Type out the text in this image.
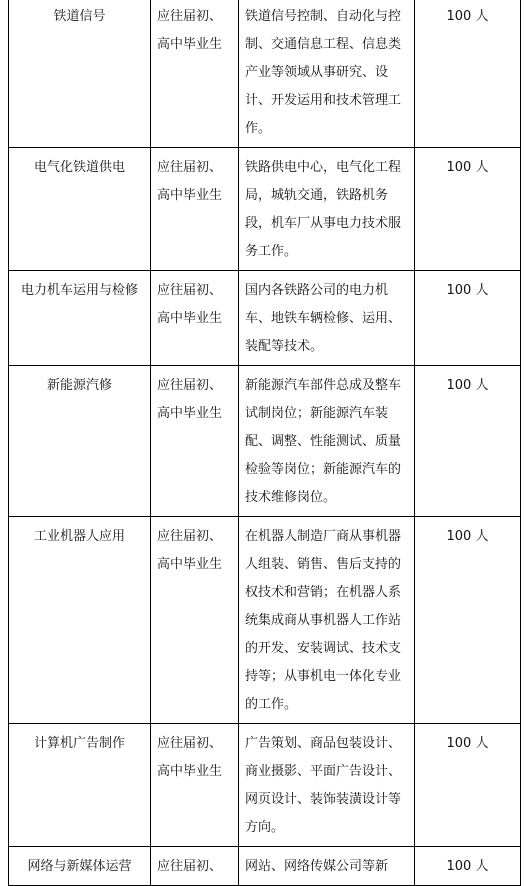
铁道信号	应往届初、高中毕业生	铁道信号控制、自动化与控制、交通信息工程、信息类产业等领域从事研究、设计、开发运用和技术管理工作。	100 人
电气化铁道供电	应往届初、高中毕业生	铁路供电中心，电气化工程局，城轨交通，铁路机务段，机车厂从事电力技术服务工作。	100 人
电力机车运用与检修	应往届初、高中毕业生	国内各铁路公司的电力机车、地铁车辆检修、运用、装配等技术。	100 人
新能源汽修	应往届初、高中毕业生	新能源汽车部件总成及整车试制岗位；新能源汽车装配、调整、性能测试、质量检验等岗位；新能源汽车的技术维修岗位。	100 人
工业机器人应用	应往届初、高中毕业生	在机器人制造厂商从事机器人组装、销售、售后支持的权技术和营销；在机器人系统集成商从事机器人工作站的开发、安装调试、技术支持等；从事机电一体化专业的工作。	100 人
计算机广告制作	应往届初、高中毕业生	广告策划、商品包装设计、商业摄影、平面广告设计、网页设计、装饰装潢设计等方向。	100 人
网络与新媒体运营	应往届初、	网站、网络传媒公司等新	100 人
